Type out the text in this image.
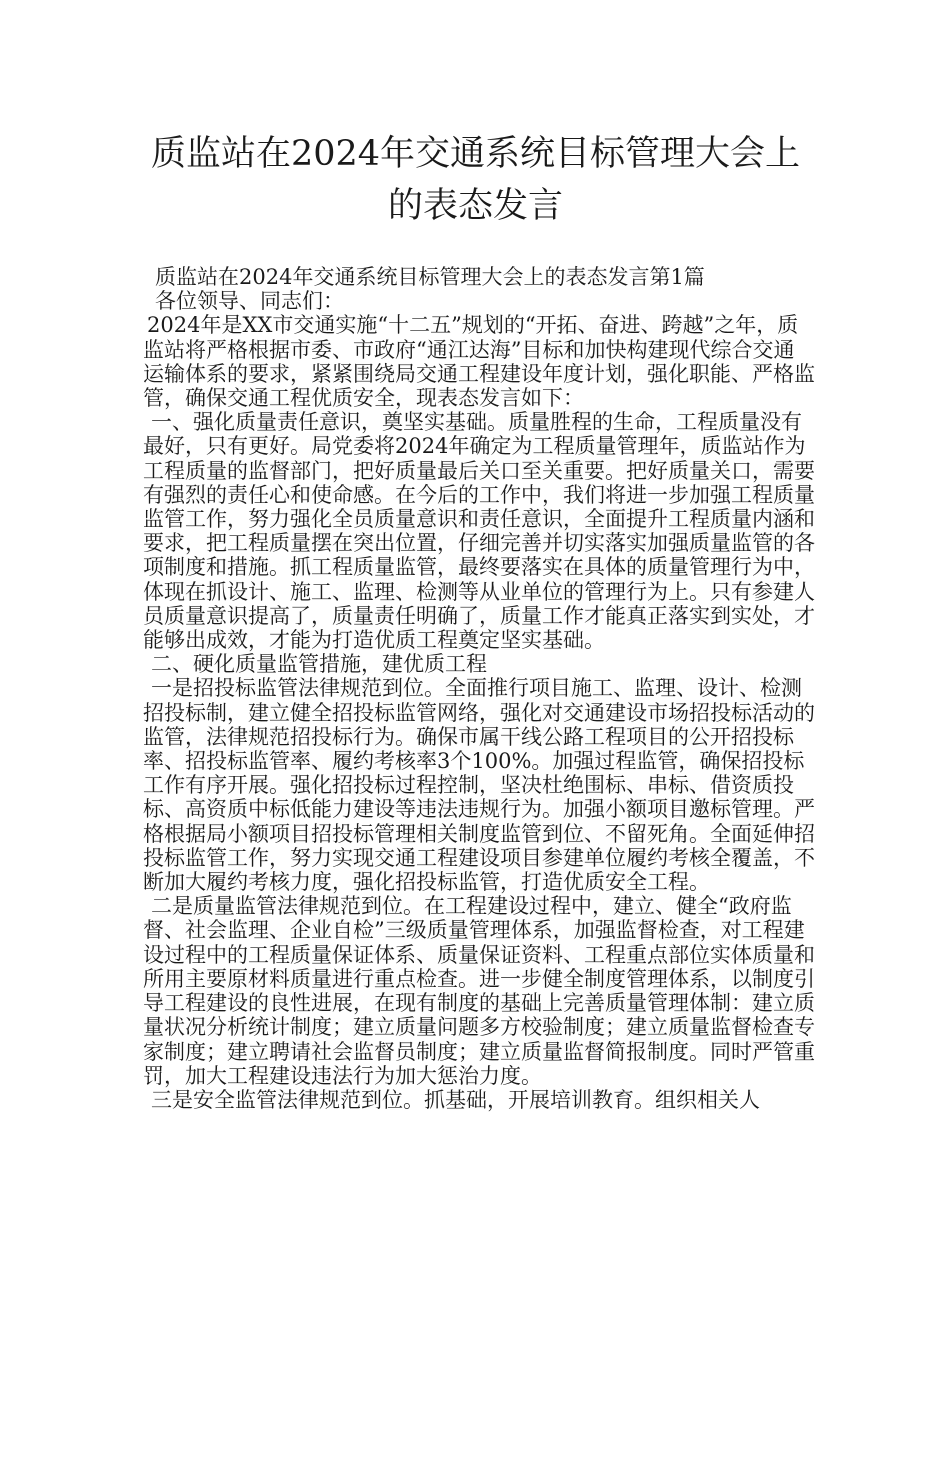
质监站在2024年交通系统目标管理大会上
的表态发言

质监站在2024年交通系统目标管理大会上的表态发言第1篇

各位领导、同志们：

2024年是XX市交通实施“十二五”规划的“开拓、奋进、跨越”之年，质监站将严格根据市委、市政府“通江达海”目标和加快构建现代综合交通运输体系的要求，紧紧围绕局交通工程建设年度计划，强化职能、严格监管，确保交通工程优质安全，现表态发言如下：

一、强化质量责任意识，奠坚实基础。质量胜程的生命，工程质量没有最好，只有更好。局党委将2024年确定为工程质量管理年，质监站作为工程质量的监督部门，把好质量最后关口至关重要。把好质量关口，需要有强烈的责任心和使命感。在今后的工作中，我们将进一步加强工程质量监管工作，努力强化全员质量意识和责任意识，全面提升工程质量内涵和要求，把工程质量摆在突出位置，仔细完善并切实落实加强质量监管的各项制度和措施。抓工程质量监管，最终要落实在具体的质量管理行为中，体现在抓设计、施工、监理、检测等从业单位的管理行为上。只有参建人员质量意识提高了，质量责任明确了，质量工作才能真正落实到实处，才能够出成效，才能为打造优质工程奠定坚实基础。

二、硬化质量监管措施，建优质工程

一是招投标监管法律规范到位。全面推行项目施工、监理、设计、检测招投标制，建立健全招投标监管网络，强化对交通建设市场招投标活动的监管，法律规范招投标行为。确保市属干线公路工程项目的公开招投标率、招投标监管率、履约考核率3个100%。加强过程监管，确保招投标工作有序开展。强化招投标过程控制，坚决杜绝围标、串标、借资质投标、高资质中标低能力建设等违法违规行为。加强小额项目邀标管理。严格根据局小额项目招投标管理相关制度监管到位、不留死角。全面延伸招投标监管工作，努力实现交通工程建设项目参建单位履约考核全覆盖，不断加大履约考核力度，强化招投标监管，打造优质安全工程。

二是质量监管法律规范到位。在工程建设过程中，建立、健全“政府监督、社会监理、企业自检”三级质量管理体系，加强监督检查，对工程建设过程中的工程质量保证体系、质量保证资料、工程重点部位实体质量和所用主要原材料质量进行重点检查。进一步健全制度管理体系，以制度引导工程建设的良性进展，在现有制度的基础上完善质量管理体制：建立质量状况分析统计制度；建立质量问题多方校验制度；建立质量监督检查专家制度；建立聘请社会监督员制度；建立质量监督简报制度。同时严管重罚，加大工程建设违法行为加大惩治力度。

三是安全监管法律规范到位。抓基础，开展培训教育。组织相关人
